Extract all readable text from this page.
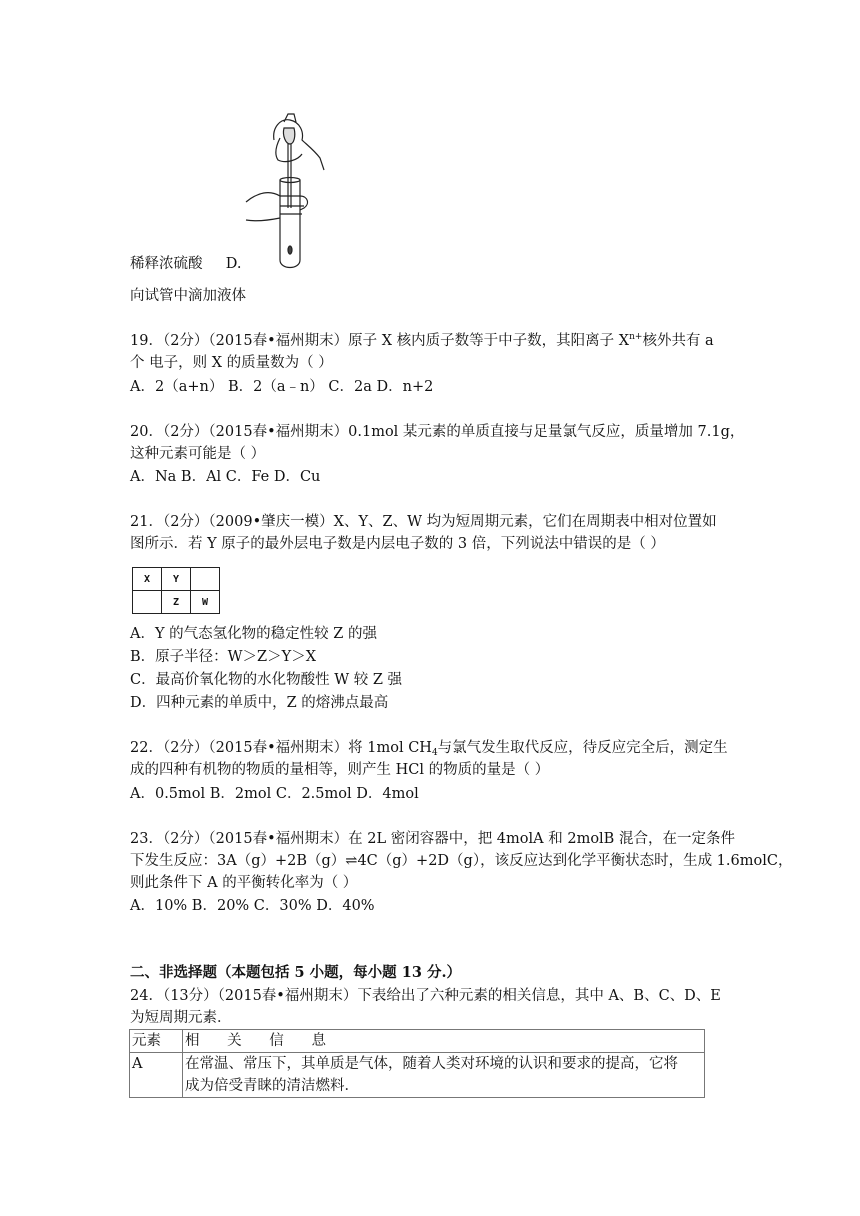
稀释浓硫酸 D.
向试管中滴加液体
19．（2分）（2015春•福州期末）原子 X 核内质子数等于中子数，其阳离子 $X^{n+}$核外共有 a
个 电子，则 X 的质量数为（ ）
A．2（a+n） B．2（a﹣n） C．2a D．n+2
20．（2分）（2015春•福州期末）0.1mol 某元素的单质直接与足量氯气反应，质量增加 7.1g，
这种元素可能是（ ）
A．Na B．Al C．Fe D．Cu
21．（2分）（2009•肇庆一模）X、Y、Z、W 均为短周期元素，它们在周期表中相对位置如
图所示．若 Y 原子的最外层电子数是内层电子数的 3 倍，下列说法中错误的是（ ）
X	Y	
	Z	W
A．Y 的气态氢化物的稳定性较 Z 的强
B．原子半径：W＞Z＞Y＞X
C．最高价氧化物的水化物酸性 W 较 Z 强
D．四种元素的单质中，Z 的熔沸点最高
22．（2分）（2015春•福州期末）将 1mol $CH_4$与氯气发生取代反应，待反应完全后，测定生
成的四种有机物的物质的量相等，则产生 HCl 的物质的量是（ ）
A．0.5mol B．2mol C．2.5mol D．4mol
23．（2分）（2015春•福州期末）在 2L 密闭容器中，把 4molA 和 2molB 混合，在一定条件
下发生反应：3A（g）+2B（g）⇌4C（g）+2D（g），该反应达到化学平衡状态时，生成 1.6molC，
则此条件下 A 的平衡转化率为（ ）
A．10% B．20% C．30% D．40%
二、非选择题（本题包括 5 小题，每小题 13 分.）
24．（13分）（2015春•福州期末）下表给出了六种元素的相关信息，其中 A、B、C、D、E
为短周期元素．
元素	相      关      信      息
A	在常温、常压下，其单质是气体，随着人类对环境的认识和要求的提高，它将
成为倍受青睐的清洁燃料．
